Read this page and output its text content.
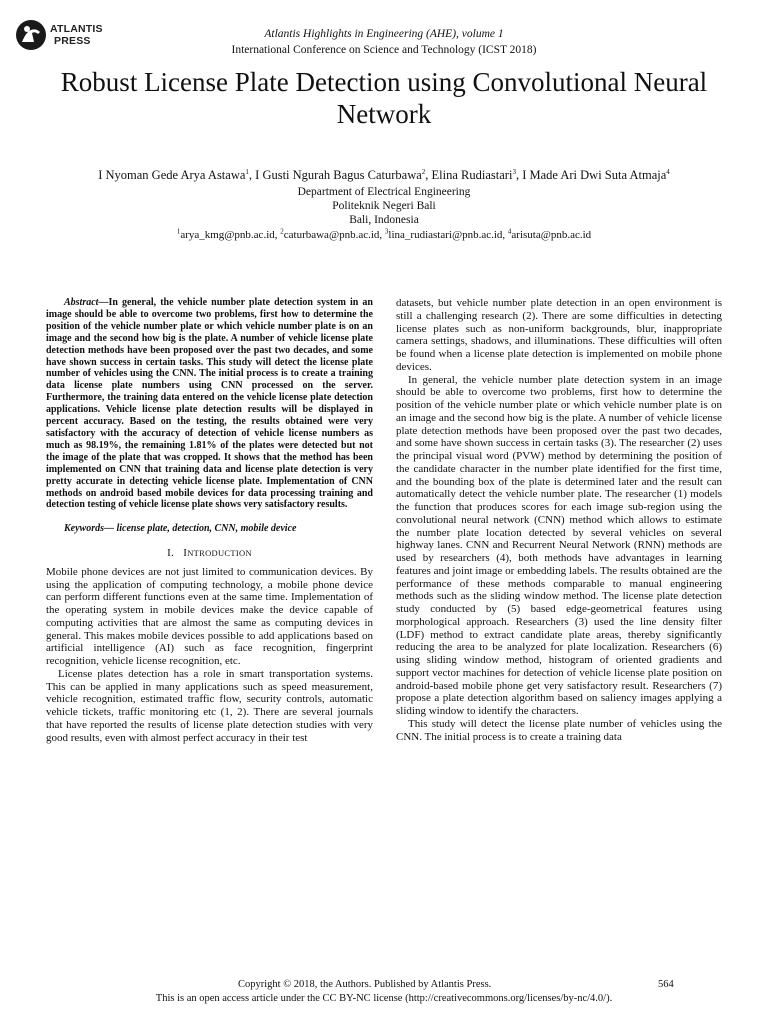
ATLANTIS
PRESS
Atlantis Highlights in Engineering (AHE), volume 1
International Conference on Science and Technology (ICST 2018)
Robust License Plate Detection using Convolutional Neural Network
I Nyoman Gede Arya Astawa$^1$, I Gusti Ngurah Bagus Caturbawa$^2$, Elina Rudiastari$^3$, I Made Ari Dwi Suta Atmaja$^4$
Department of Electrical Engineering
Politeknik Negeri Bali
Bali, Indonesia
$^1$arya_kmg@pnb.ac.id, $^2$caturbawa@pnb.ac.id, $^3$lina_rudiastari@pnb.ac.id, $^4$arisuta@pnb.ac.id

Abstract—In general, the vehicle number plate detection system in an image should be able to overcome two problems, first how to determine the position of the vehicle number plate or which vehicle number plate is on an image and the second how big is the plate. A number of vehicle license plate detection methods have been proposed over the past two decades, and some have shown success in certain tasks. This study will detect the license plate number of vehicles using the CNN. The initial process is to create a training data license plate numbers using CNN processed on the server. Furthermore, the training data entered on the vehicle license plate detection applications. Vehicle license plate detection results will be displayed in percent accuracy. Based on the testing, the results obtained were very satisfactory with the accuracy of detection of vehicle license numbers as much as 98.19%, the remaining 1.81% of the plates were detected but not the image of the plate that was cropped. It shows that the method has been implemented on CNN that training data and license plate detection is very pretty accurate in detecting vehicle license plate. Implementation of CNN methods on android based mobile devices for data processing training and detection testing of vehicle license plate shows very satisfactory results.

Keywords— license plate, detection, CNN, mobile device

I. INTRODUCTION

Mobile phone devices are not just limited to communication devices. By using the application of computing technology, a mobile phone device can perform different functions even at the same time. Implementation of the operating system in mobile devices make the device capable of computing activities that are almost the same as computing devices in general. This makes mobile devices possible to add applications based on artificial intelligence (AI) such as face recognition, fingerprint recognition, vehicle license recognition, etc.

License plates detection has a role in smart transportation systems. This can be applied in many applications such as speed measurement, vehicle recognition, estimated traffic flow, security controls, automatic vehicle tickets, traffic monitoring etc (1, 2). There are several journals that have reported the results of license plate detection studies with very good results, even with almost perfect accuracy in their test

datasets, but vehicle number plate detection in an open environment is still a challenging research (2). There are some difficulties in detecting license plates such as non-uniform backgrounds, blur, inappropriate camera settings, shadows, and illuminations. These difficulties will often be found when a license plate detection is implemented on mobile phone devices.

In general, the vehicle number plate detection system in an image should be able to overcome two problems, first how to determine the position of the vehicle number plate or which vehicle number plate is on an image and the second how big is the plate. A number of vehicle license plate detection methods have been proposed over the past two decades, and some have shown success in certain tasks (3). The researcher (2) uses the principal visual word (PVW) method by determining the position of the candidate character in the number plate identified for the first time, and the bounding box of the plate is determined later and the result can automatically detect the vehicle number plate. The researcher (1) models the function that produces scores for each image sub-region using the convolutional neural network (CNN) method which allows to estimate the number plate location detected by several vehicles on several highway lanes. CNN and Recurrent Neural Network (RNN) methods are used by researchers (4), both methods have advantages in learning features and joint image or embedding labels. The results obtained are the performance of these methods comparable to manual engineering methods such as the sliding window method. The license plate detection study conducted by (5) based edge-geometrical features using morphological approach. Researchers (3) used the line density filter (LDF) method to extract candidate plate areas, thereby significantly reducing the area to be analyzed for plate localization. Researchers (6) using sliding window method, histogram of oriented gradients and support vector machines for detection of vehicle license plate position on android-based mobile phone get very satisfactory result. Researchers (7) propose a plate detection algorithm based on saliency images applying a sliding window to identify the characters.

This study will detect the license plate number of vehicles using the CNN. The initial process is to create a training data

Copyright © 2018, the Authors. Published by Atlantis Press.	564
This is an open access article under the CC BY-NC license (http://creativecommons.org/licenses/by-nc/4.0/).
